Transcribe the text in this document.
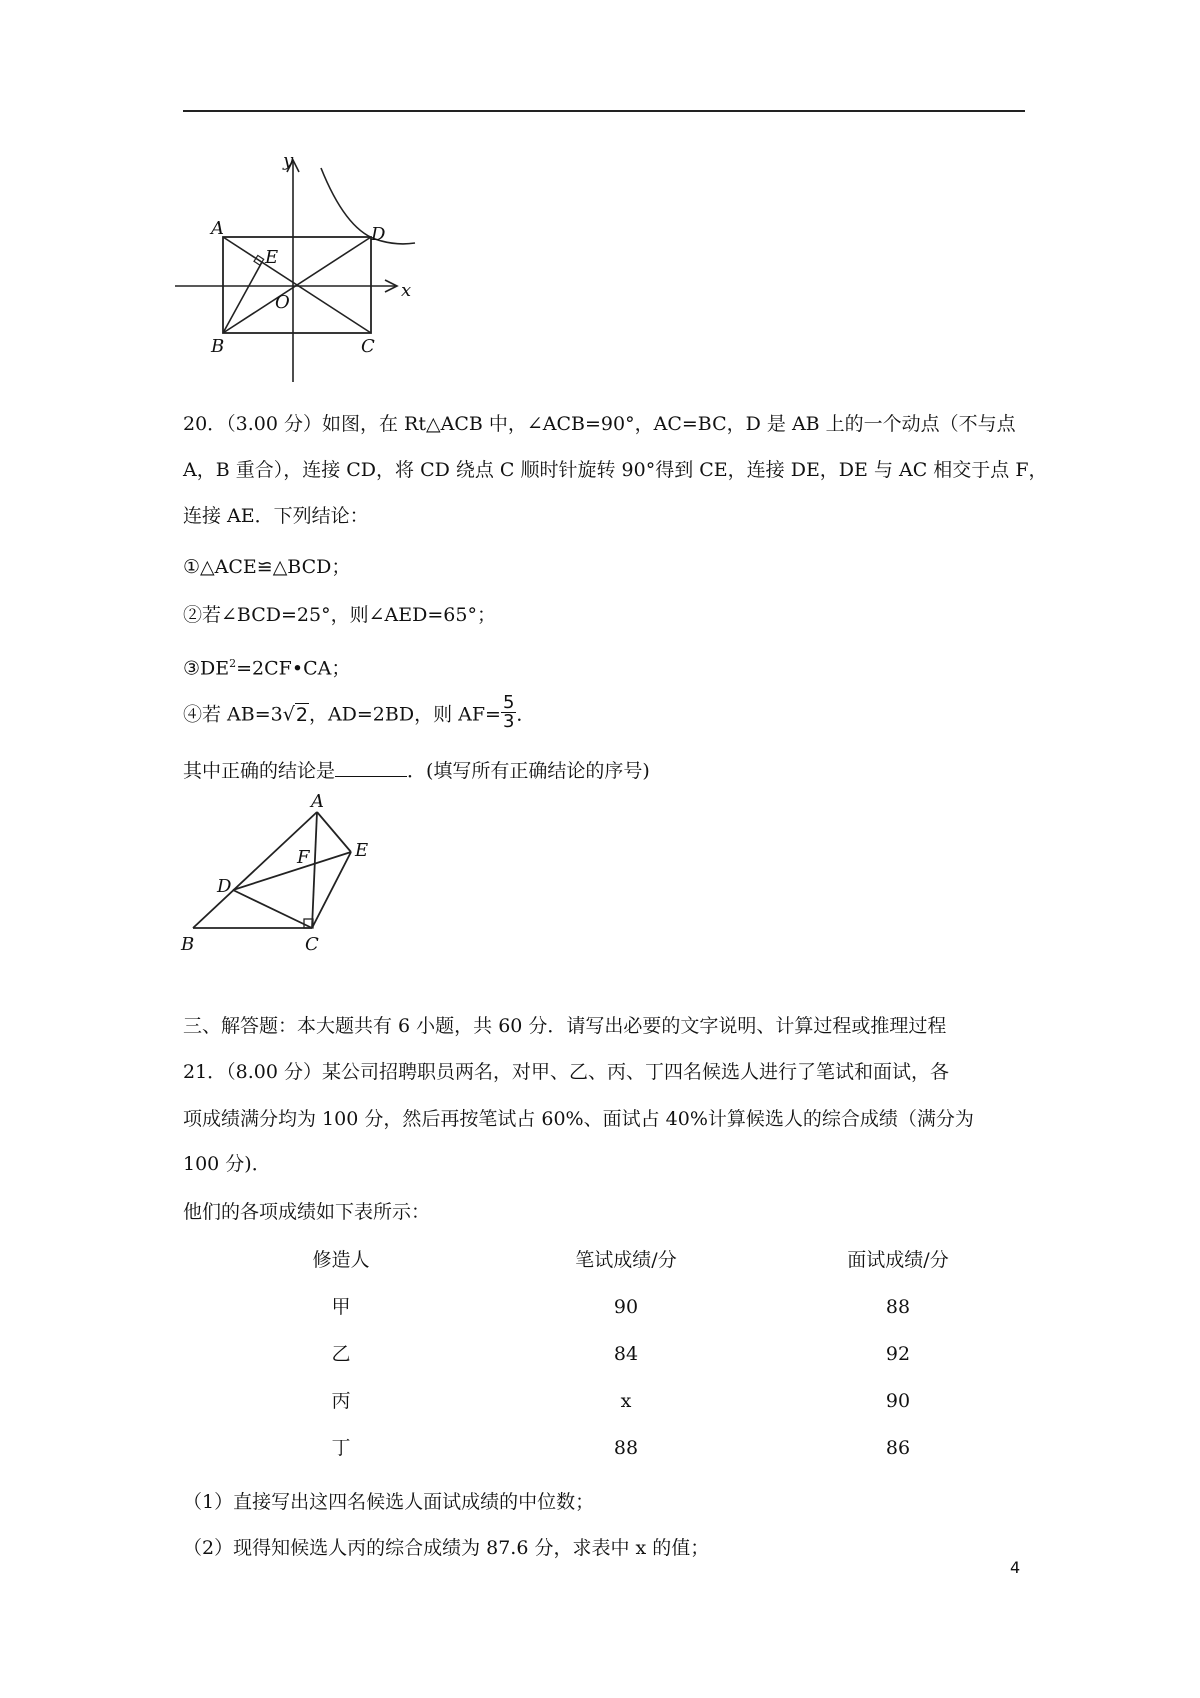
y
x
A	D
E
O
B	C
20．（3.00 分）如图，在 Rt△ACB 中，∠ACB=90°，AC=BC，D 是 AB 上的一个动点（不与点
A，B 重合），连接 CD，将 CD 绕点 C 顺时针旋转 90°得到 CE，连接 DE，DE 与 AC 相交于点 F，
连接 AE．下列结论：
①△ACE≌△BCD；
②若∠BCD=25°，则∠AED=65°；
$③DE^2=2CF•CA$；
④若 AB=3√2，AD=2BD，则 $AF= \frac{5}{3}$ ．
其中正确的结论是	．(填写所有正确结论的序号)
A
F	E
D
B	C
三、解答题：本大题共有 6 小题，共 60 分．请写出必要的文字说明、计算过程或推理过程
21．（8.00 分）某公司招聘职员两名，对甲、乙、丙、丁四名候选人进行了笔试和面试，各
项成绩满分均为 100 分，然后再按笔试占 60%、面试占 40%计算候选人的综合成绩（满分为
100 分)．
他们的各项成绩如下表所示：
修造人	笔试成绩/分	面试成绩/分
甲	90	88
乙	84	92
丙	x	90
丁	88	86
（1）直接写出这四名候选人面试成绩的中位数；
（2）现得知候选人丙的综合成绩为 87.6 分，求表中 x 的值；
4
